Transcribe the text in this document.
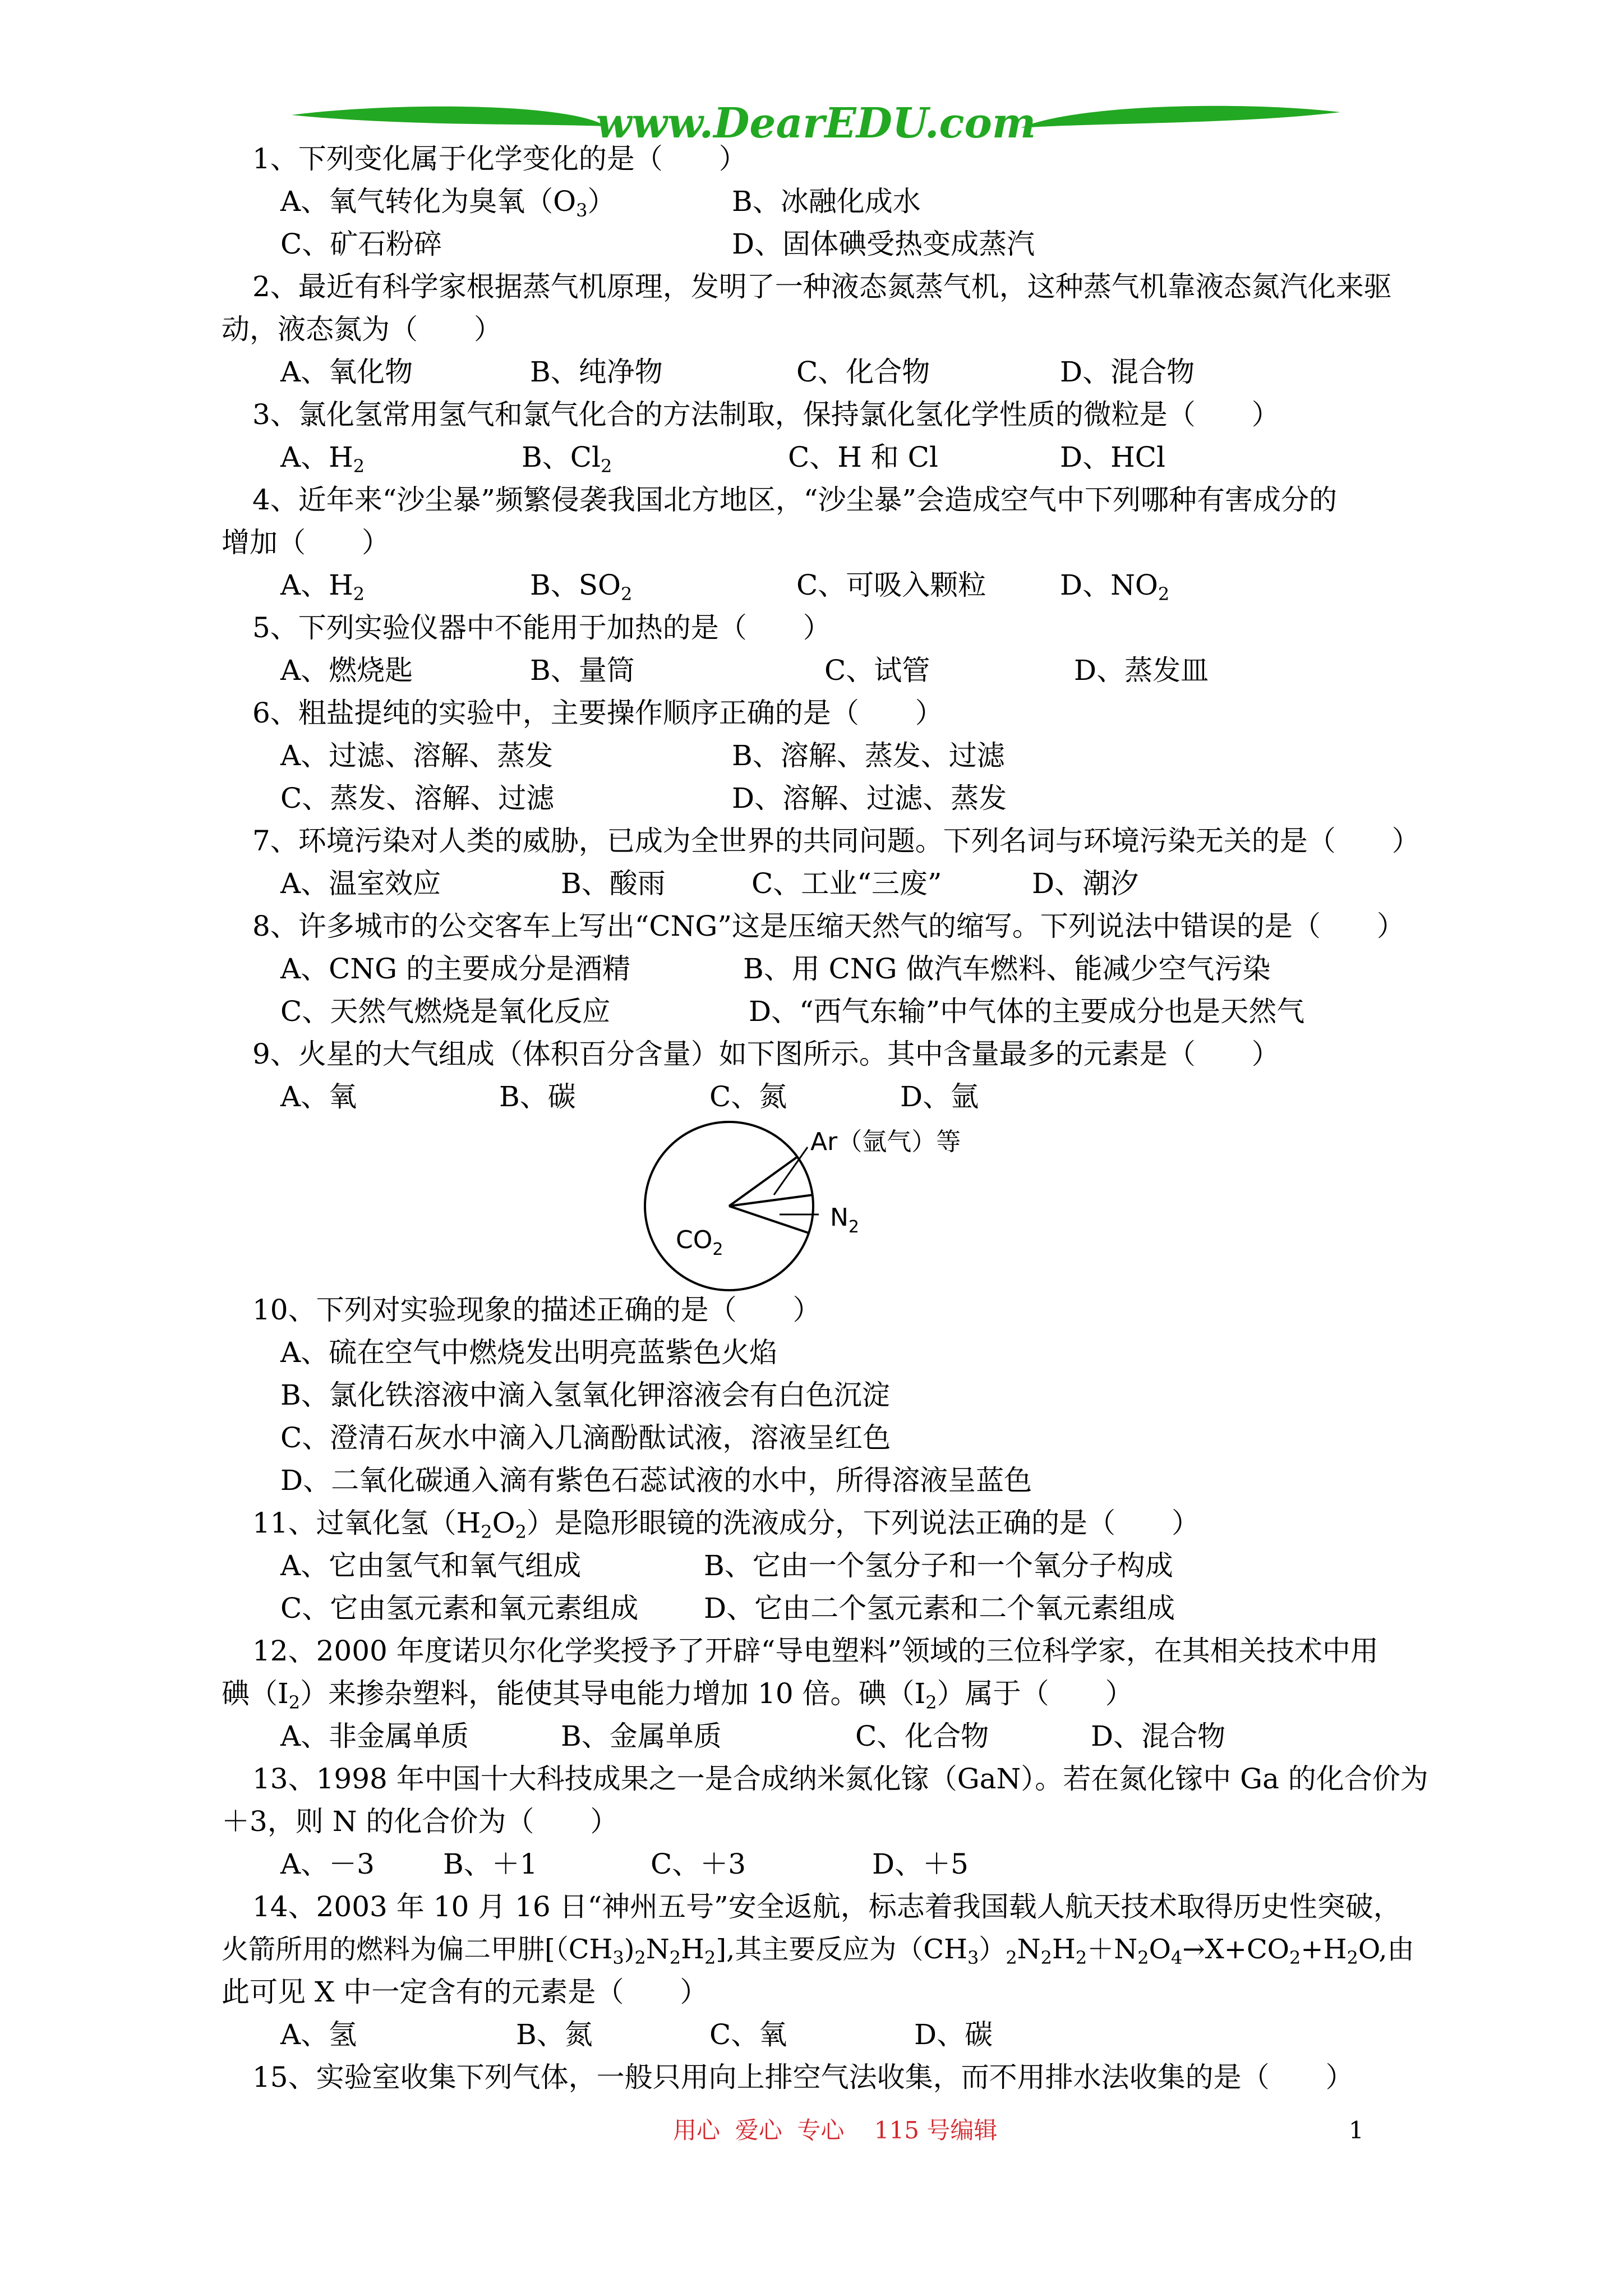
www.DearEDU.com
1、下列变化属于化学变化的是（　　）
A、氧气转化为臭氧$(O_3)$	B、冰融化成水
C、矿石粉碎	D、固体碘受热变成蒸汽
2、最近有科学家根据蒸气机原理，发明了一种液态氮蒸气机，这种蒸气机靠液态氮汽化来驱
动，液态氮为（　　）
A、氧化物	B、纯净物	C、化合物	D、混合物
3、氯化氢常用氢气和氯气化合的方法制取，保持氯化氢化学性质的微粒是（　　）
A、$H_2$	B、$Cl_2$	C、H 和 Cl	D、HCl
4、近年来“沙尘暴”频繁侵袭我国北方地区，“沙尘暴”会造成空气中下列哪种有害成分的
增加（　　）
A、$H_2$	B、$SO_2$	C、可吸入颗粒	D、$NO_2$
5、下列实验仪器中不能用于加热的是（　　）
A、燃烧匙	B、量筒	C、试管	D、蒸发皿
6、粗盐提纯的实验中，主要操作顺序正确的是（　　）
A、过滤、溶解、蒸发	B、溶解、蒸发、过滤
C、蒸发、溶解、过滤	D、溶解、过滤、蒸发
7、环境污染对人类的威胁，已成为全世界的共同问题。下列名词与环境污染无关的是（　　）
A、温室效应	B、酸雨	C、工业“三废”	D、潮汐
8、许多城市的公交客车上写出“CNG”这是压缩天然气的缩写。下列说法中错误的是（　　）
A、CNG 的主要成分是酒精	B、用 CNG 做汽车燃料、能减少空气污染
C、天然气燃烧是氧化反应	D、“西气东输”中气体的主要成分也是天然气
9、火星的大气组成（体积百分含量）如下图所示。其中含量最多的元素是（　　）
A、氧	B、碳	C、氮	D、氩
Ar（氩气）等
$N_2$
$CO_2$
10、下列对实验现象的描述正确的是（　　）
A、硫在空气中燃烧发出明亮蓝紫色火焰
B、氯化铁溶液中滴入氢氧化钾溶液会有白色沉淀
C、澄清石灰水中滴入几滴酚酞试液，溶液呈红色
D、二氧化碳通入滴有紫色石蕊试液的水中，所得溶液呈蓝色
11、过氧化氢$(H_2O_2)$是隐形眼镜的洗液成分，下列说法正确的是（　　）
A、它由氢气和氧气组成	B、它由一个氢分子和一个氧分子构成
C、它由氢元素和氧元素组成 D、它由二个氢元素和二个氧元素组成
12、2000 年度诺贝尔化学奖授予了开辟“导电塑料”领域的三位科学家，在其相关技术中用
碘$(I_2)$来掺杂塑料，能使其导电能力增加 10 倍。碘$(I_2)$属于（　　）
A、非金属单质	B、金属单质	C、化合物	D、混合物
13、1998 年中国十大科技成果之一是合成纳米氮化镓（GaN）。若在氮化镓中 Ga 的化合价为
＋3，则 N 的化合价为（　　）
A、－3 B、＋1	C、＋3	D、＋5
14、2003 年 10 月 16 日“神州五号”安全返航，标志着我国载人航天技术取得历史性突破，
火箭所用的燃料为偏二甲肼$[(CH_3)_2N_2H_2]$,其主要反应为$(CH_3)_2N_2H_2+N_2O_4\to X+CO_2+H_2O$,由
此可见 X 中一定含有的元素是（　　）
A、氢	B、氮	C、氧	D、碳
15、实验室收集下列气体，一般只用向上排空气法收集，而不用排水法收集的是（　　）
用心  爱心  专心    115 号编辑	1
